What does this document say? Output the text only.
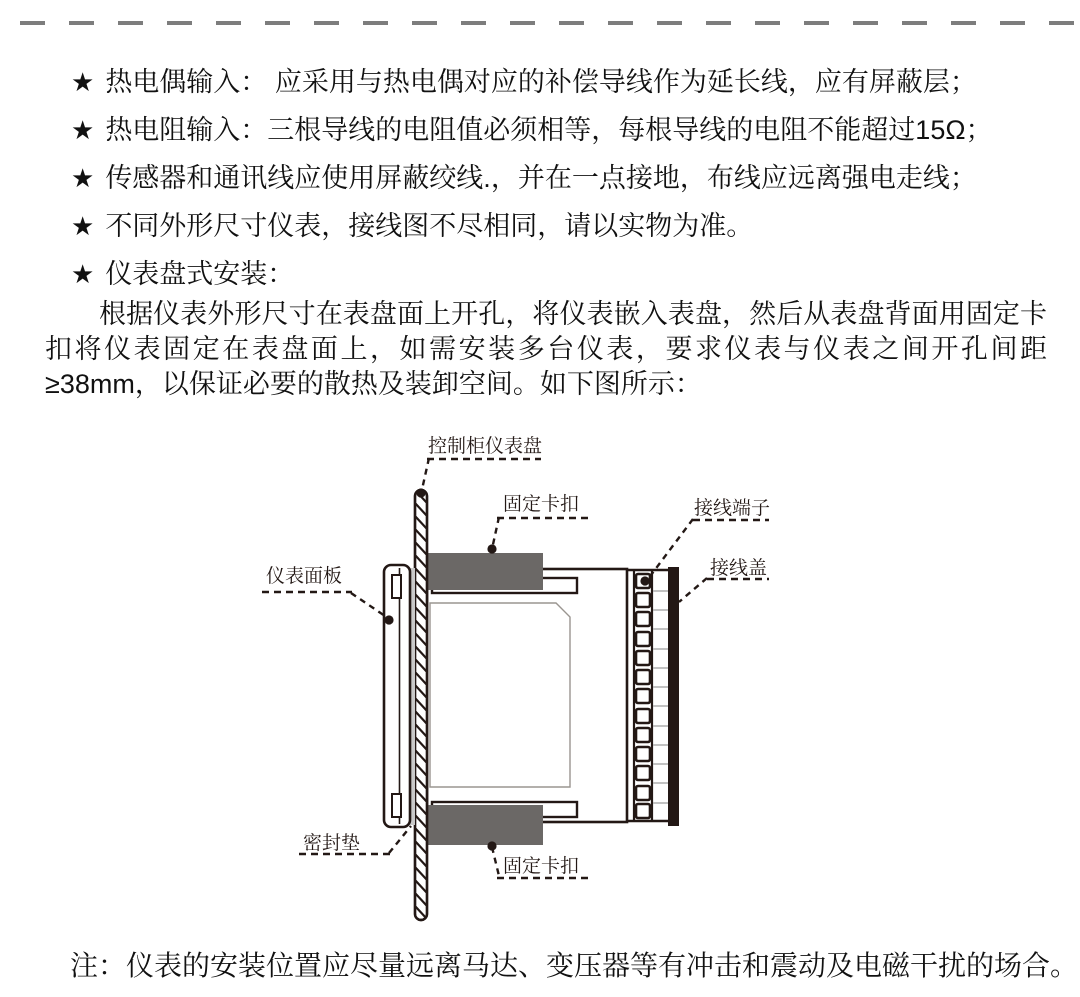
★ 热电偶输入： 应采用与热电偶对应的补偿导线作为延长线，应有屏蔽层；
★ 热电阻输入：三根导线的电阻值必须相等，每根导线的电阻不能超过15Ω；
★ 传感器和通讯线应使用屏蔽绞线.，并在一点接地，布线应远离强电走线；
★ 不同外形尺寸仪表，接线图不尽相同，请以实物为准。
★ 仪表盘式安装：
根据仪表外形尺寸在表盘面上开孔，将仪表嵌入表盘，然后从表盘背面用固定卡扣将仪表固定在表盘面上，如需安装多台仪表，要求仪表与仪表之间开孔间距≥38mm，以保证必要的散热及装卸空间。如下图所示：
控制柜仪表盘
固定卡扣	接线端子
接线盖
仪表面板
密封垫
固定卡扣
注：仪表的安装位置应尽量远离马达、变压器等有冲击和震动及电磁干扰的场合。
